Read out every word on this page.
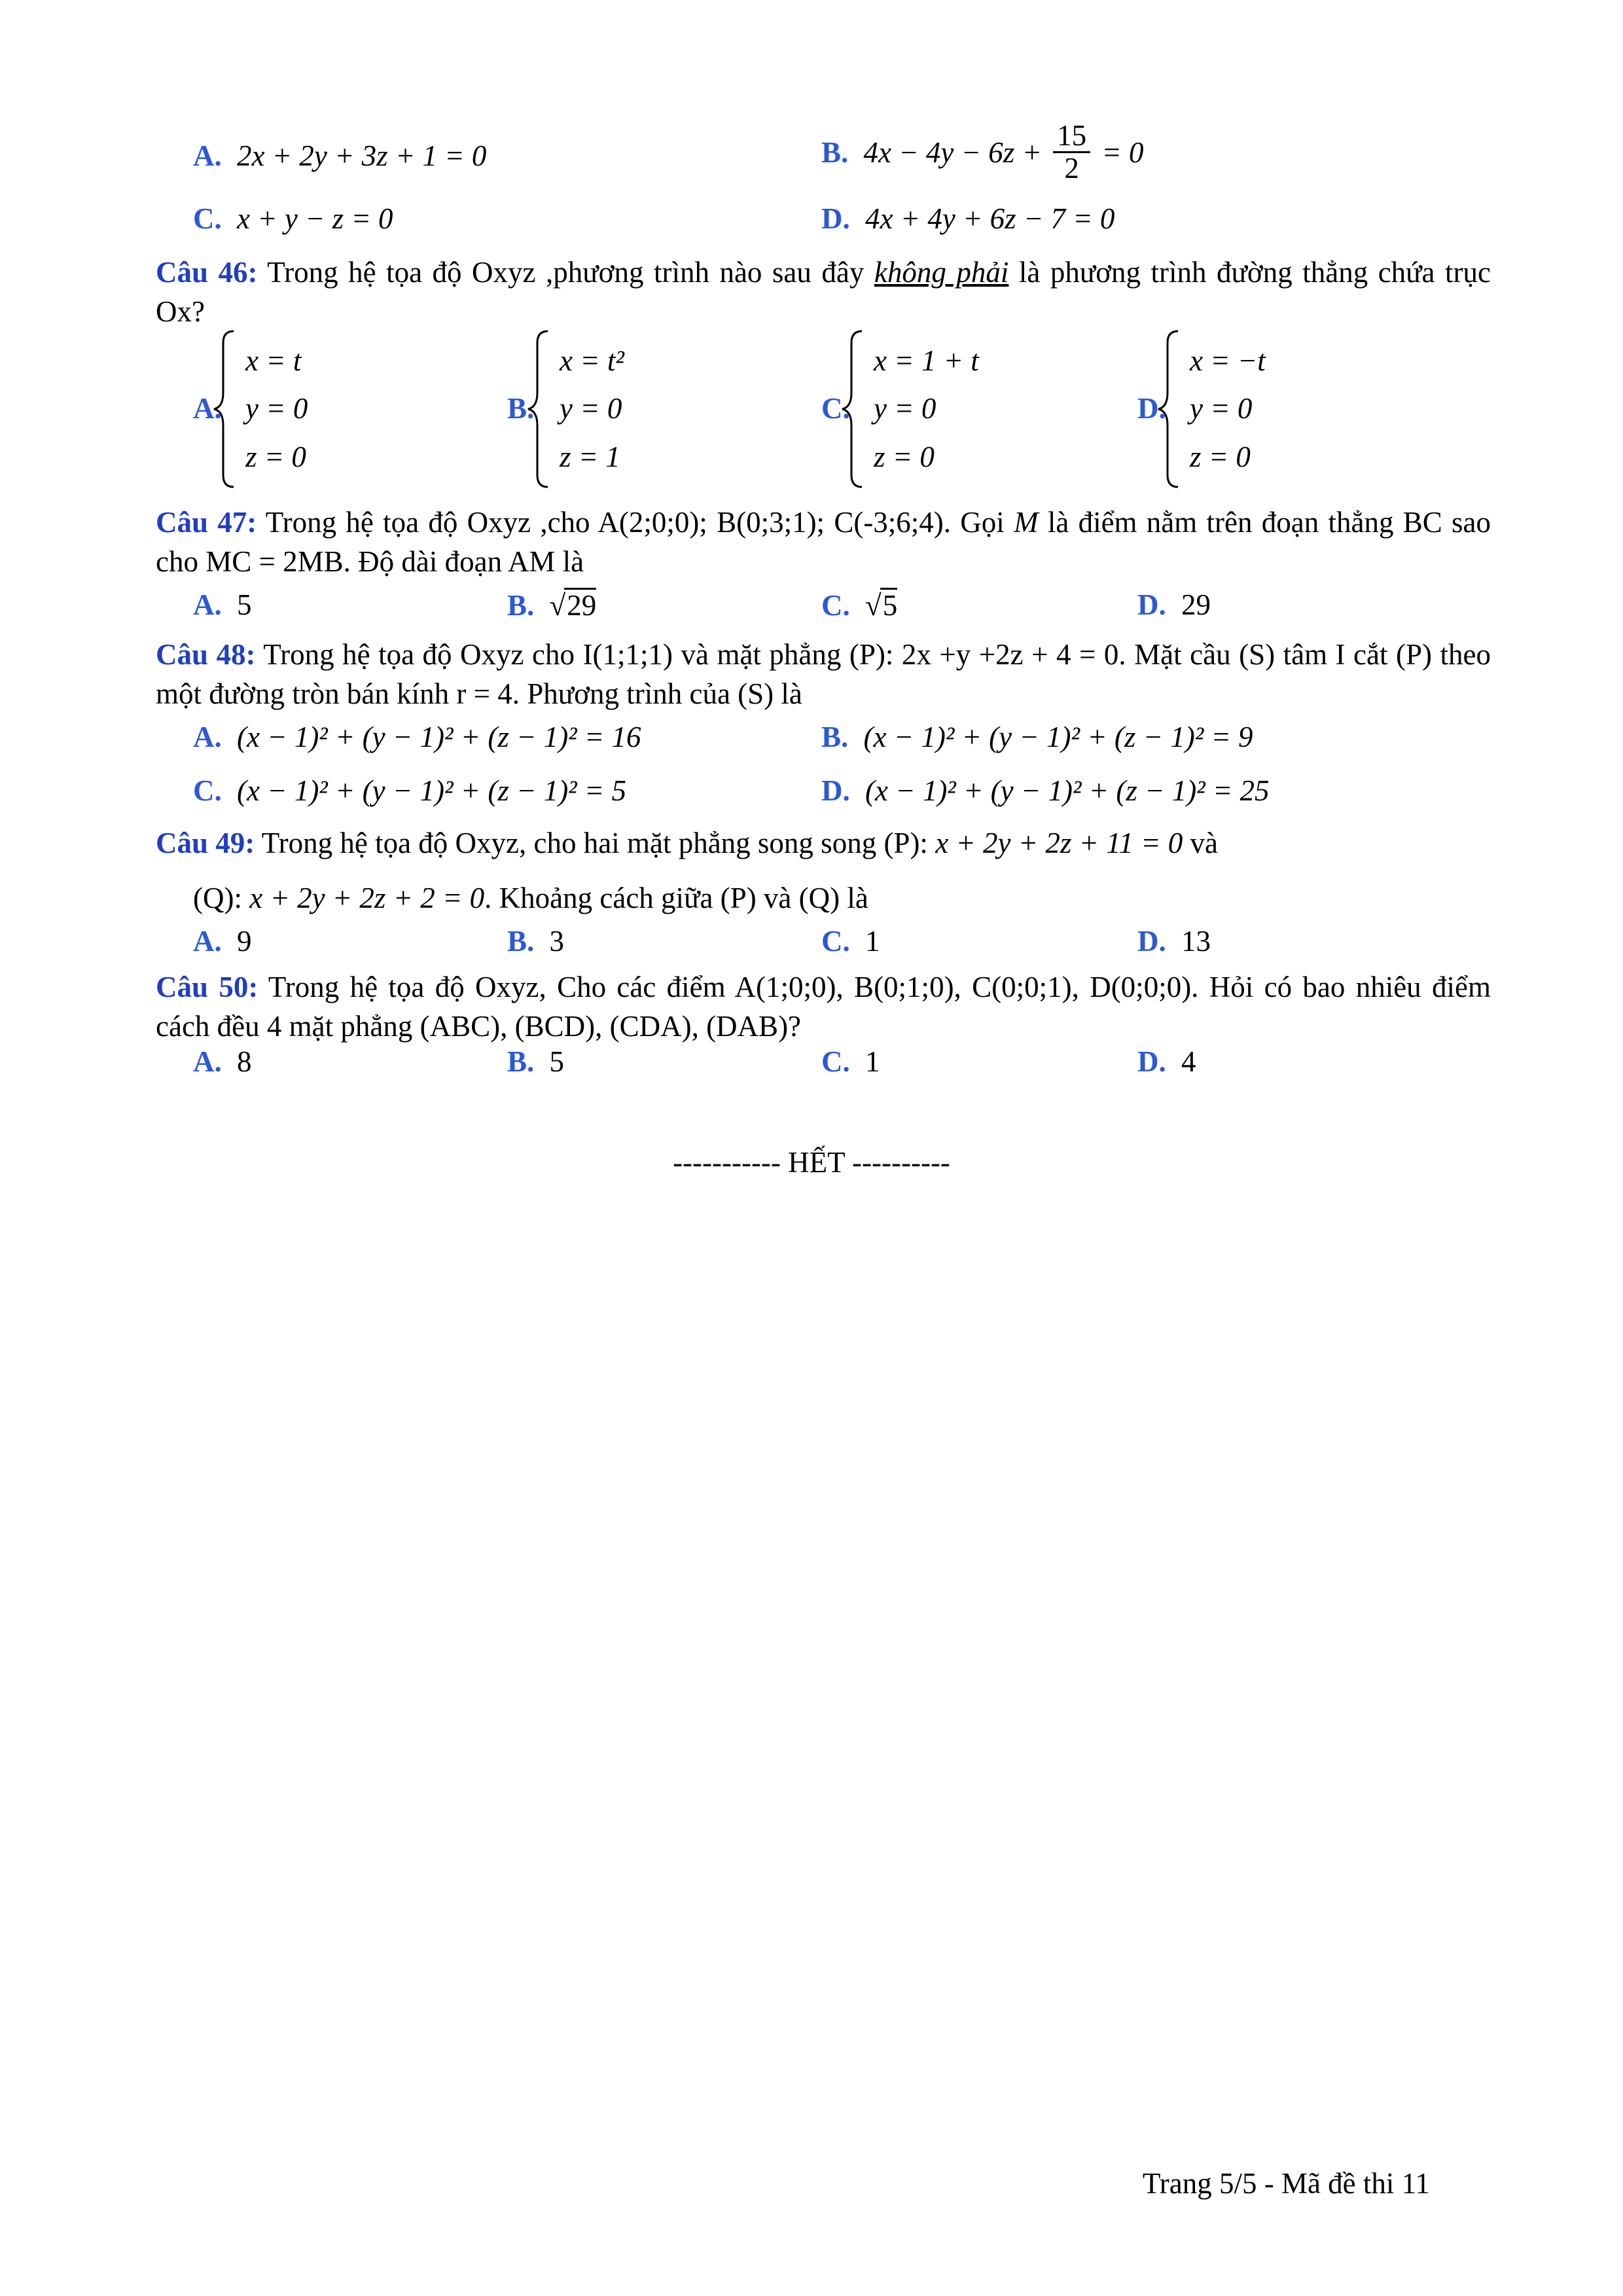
A. 2x + 2y + 3z + 1 = 0	B. $4x - 4y - 6z + \frac{15}{2} = 0$
C. x + y − z = 0	D. 4x + 4y + 6z − 7 = 0
Câu 46: Trong hệ tọa độ Oxyz ,phương trình nào sau đây không phải là phương trình đường thẳng chứa trục Ox?
A.
x = t
y = 0
z = 0
B.
x = t²
y = 0
z = 1
C.
x = 1 + t
y = 0
z = 0
D.
x = −t
y = 0
z = 0
Câu 47: Trong hệ tọa độ Oxyz ,cho A(2;0;0); B(0;3;1); C(-3;6;4). Gọi M là điểm nằm trên đoạn thẳng BC sao cho MC = 2MB. Độ dài đoạn AM là
A. 5	B. √29	C. √5	D. 29
Câu 48: Trong hệ tọa độ Oxyz cho I(1;1;1) và mặt phẳng (P): 2x +y +2z + 4 = 0. Mặt cầu (S) tâm I cắt (P) theo một đường tròn bán kính r = 4. Phương trình của (S) là
A. (x − 1)² + (y − 1)² + (z − 1)² = 16	B. (x − 1)² + (y − 1)² + (z − 1)² = 9
C. (x − 1)² + (y − 1)² + (z − 1)² = 5	D. (x − 1)² + (y − 1)² + (z − 1)² = 25
Câu 49: Trong hệ tọa độ Oxyz, cho hai mặt phẳng song song (P): x + 2y + 2z + 11 = 0 và
(Q): x + 2y + 2z + 2 = 0. Khoảng cách giữa (P) và (Q) là
A. 9	B. 3	C. 1	D. 13
Câu 50: Trong hệ tọa độ Oxyz, Cho các điểm A(1;0;0), B(0;1;0), C(0;0;1), D(0;0;0). Hỏi có bao nhiêu điểm cách đều 4 mặt phẳng (ABC), (BCD), (CDA), (DAB)?
A. 8	B. 5	C. 1	D. 4
----------- HẾT ----------
Trang 5/5 - Mã đề thi 11
